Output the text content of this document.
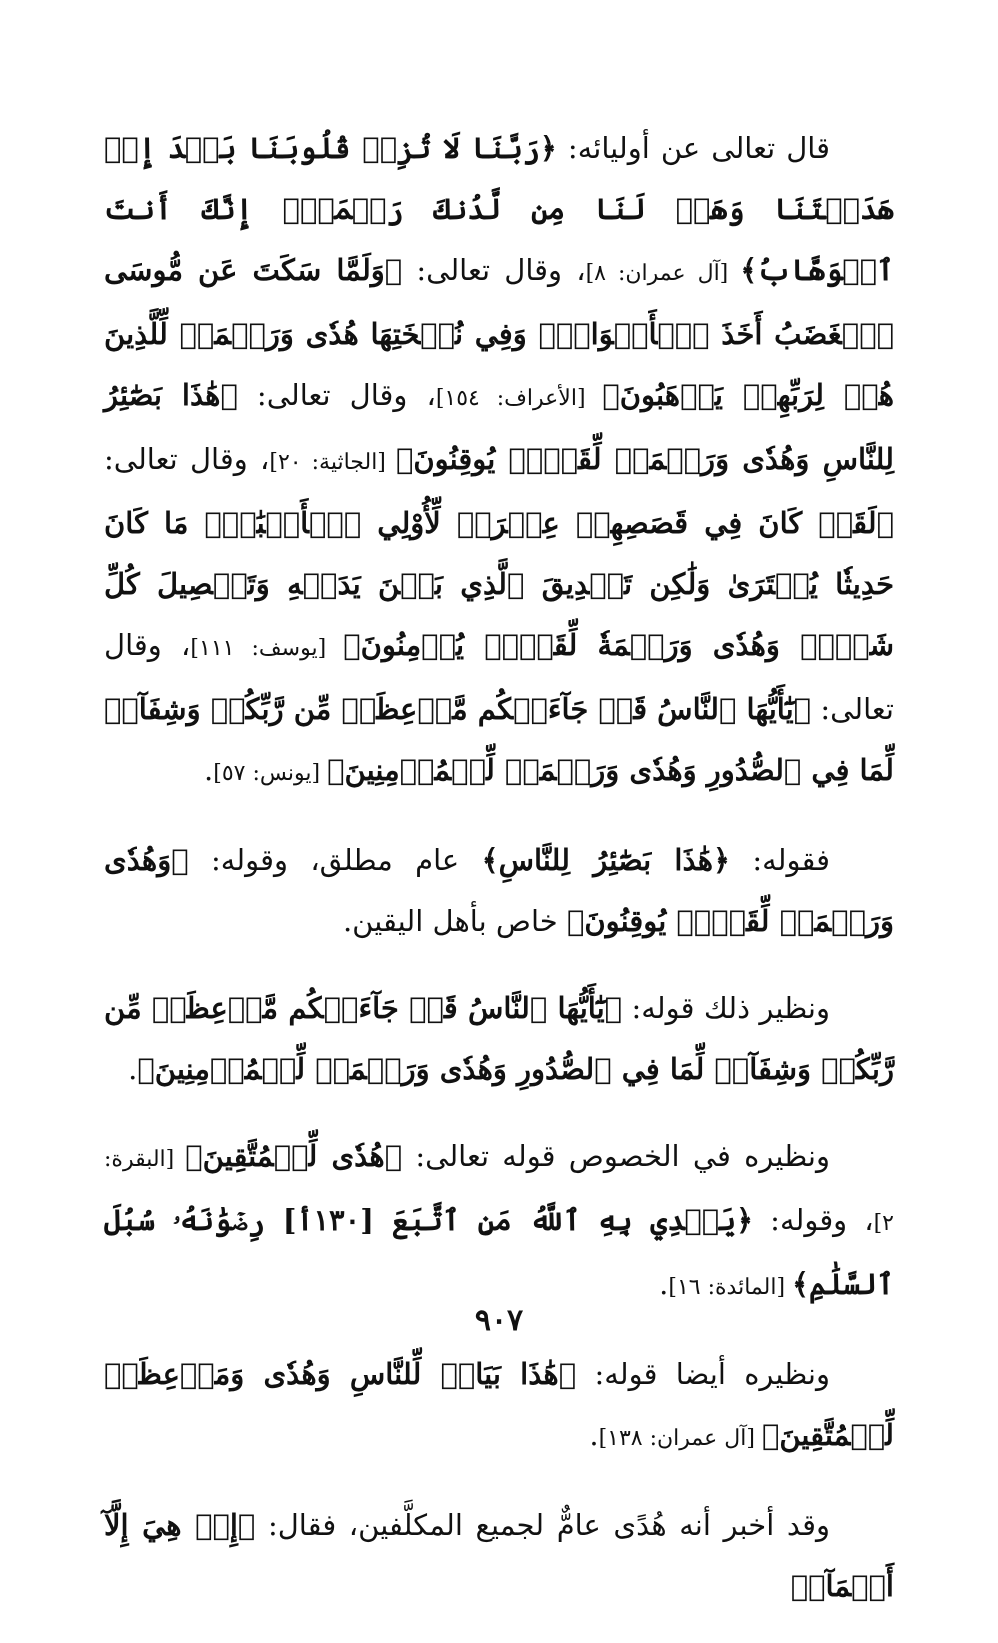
قال تعالى عن أوليائه: ﴿رَبَّنَا لَا تُزِغۡ قُلُوبَنَا بَعۡدَ إِذۡ هَدَيۡتَنَا وَهَبۡ لَنَا مِن لَّدُنكَ رَحۡمَةًۚ إِنَّكَ أَنتَ ٱلۡوَهَّابُ﴾ [آل عمران: ٨]، وقال تعالى: ﴿وَلَمَّا سَكَتَ عَن مُّوسَى ٱلۡغَضَبُ أَخَذَ ٱلۡأَلۡوَاحَۖ وَفِي نُسۡخَتِهَا هُدٗى وَرَحۡمَةٞ لِّلَّذِينَ هُمۡ لِرَبِّهِمۡ يَرۡهَبُونَ﴾ [الأعراف: ١٥٤]، وقال تعالى: ﴿هَٰذَا بَصَٰٓئِرُ لِلنَّاسِ وَهُدٗى وَرَحۡمَةٞ لِّقَوۡمٖ يُوقِنُونَ﴾ [الجاثية: ٢٠]، وقال تعالى: ﴿لَقَدۡ كَانَ فِي قَصَصِهِمۡ عِبۡرَةٞ لِّأُوْلِي ٱلۡأَلۡبَٰبِۗ مَا كَانَ حَدِيثٗا يُفۡتَرَىٰ وَلَٰكِن تَصۡدِيقَ ٱلَّذِي بَيۡنَ يَدَيۡهِ وَتَفۡصِيلَ كُلِّ شَيۡءٖ وَهُدٗى وَرَحۡمَةٗ لِّقَوۡمٖ يُؤۡمِنُونَ﴾ [يوسف: ١١١]، وقال تعالى: ﴿يَٰٓأَيُّهَا ٱلنَّاسُ قَدۡ جَآءَتۡكُم مَّوۡعِظَةٞ مِّن رَّبِّكُمۡ وَشِفَآءٞ لِّمَا فِي ٱلصُّدُورِ وَهُدٗى وَرَحۡمَةٞ لِّلۡمُؤۡمِنِينَ﴾ [يونس: ٥٧].

فقوله: ﴿هَٰذَا بَصَٰٓئِرُ لِلنَّاسِ﴾ عام مطلق، وقوله: ﴿وَهُدٗى وَرَحۡمَةٞ لِّقَوۡمٖ يُوقِنُونَ﴾ خاص بأهل اليقين.

ونظير ذلك قوله: ﴿يَٰٓأَيُّهَا ٱلنَّاسُ قَدۡ جَآءَتۡكُم مَّوۡعِظَةٞ مِّن رَّبِّكُمۡ وَشِفَآءٞ لِّمَا فِي ٱلصُّدُورِ وَهُدٗى وَرَحۡمَةٞ لِّلۡمُؤۡمِنِينَ﴾.

ونظيره في الخصوص قوله تعالى: ﴿هُدٗى لِّلۡمُتَّقِينَ﴾ [البقرة: ٢]، وقوله: ﴿يَهۡدِي بِهِ ٱللَّهُ مَنِ ٱتَّبَعَ [١٣٠أ] رِضۡوَٰنَهُۥ سُبُلَ ٱلسَّلَٰمِ﴾ [المائدة: ١٦].

ونظيره أيضا قوله: ﴿هَٰذَا بَيَانٞ لِّلنَّاسِ وَهُدٗى وَمَوۡعِظَةٞ لِّلۡمُتَّقِينَ﴾ [آل عمران: ١٣٨].

وقد أخبر أنه هُدًى عامٌّ لجميع المكلَّفين، فقال: ﴿إِنۡ هِيَ إِلَّآ أَسۡمَآءٞ

٩٠٧
